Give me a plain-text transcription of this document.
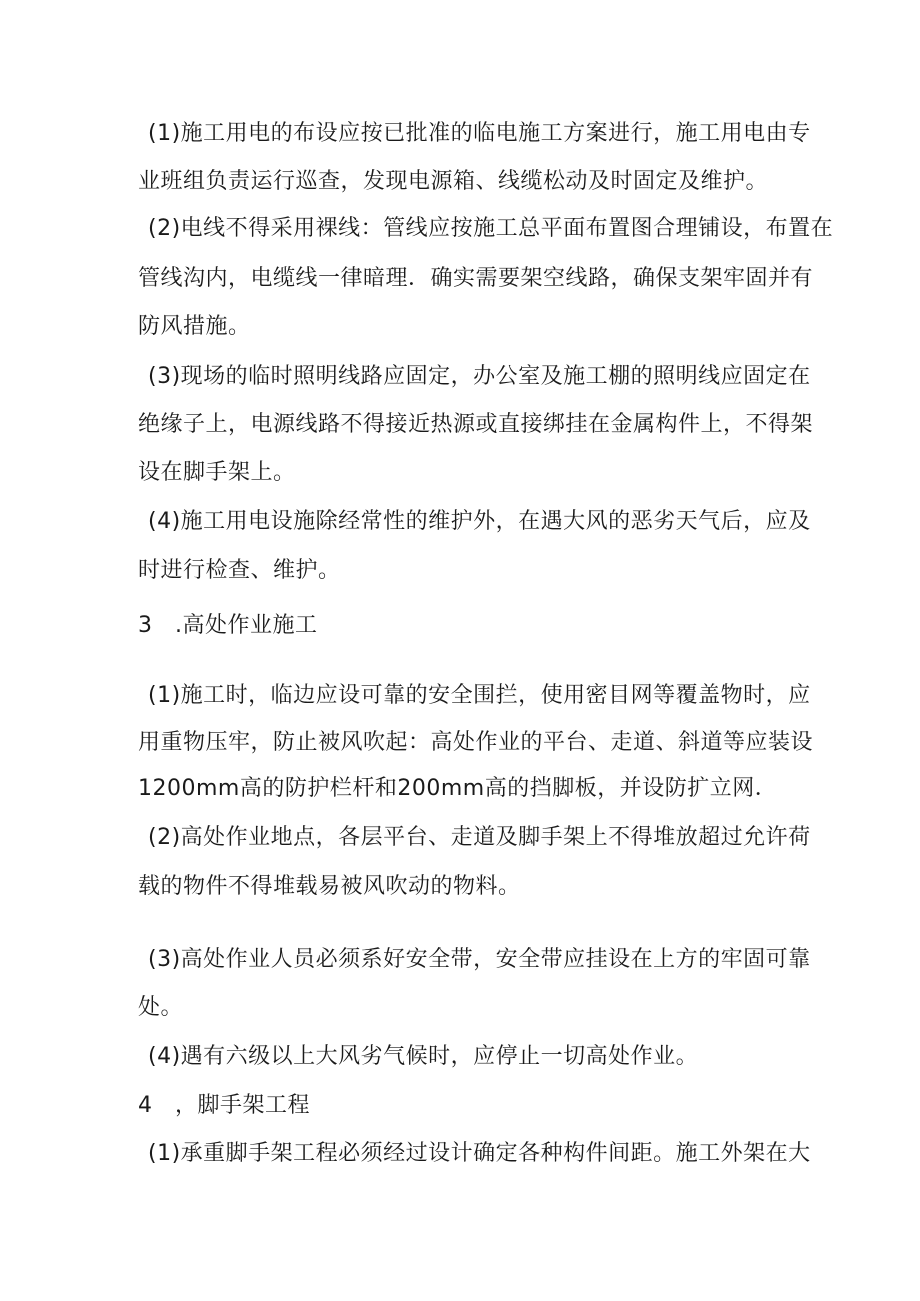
(1)施工用电的布设应按已批准的临电施工方案进行，施工用电由专
业班组负责运行巡查，发现电源箱、线缆松动及时固定及维护。
(2)电线不得采用裸线：管线应按施工总平面布置图合理铺设，布置在
管线沟内，电缆线一律暗理．确实需要架空线路，确保支架牢固并有
防风措施。
(3)现场的临时照明线路应固定，办公室及施工棚的照明线应固定在
绝缘子上，电源线路不得接近热源或直接绑挂在金属构件上，不得架
设在脚手架上。
(4)施工用电设施除经常性的维护外，在遇大风的恶劣天气后，应及
时进行检查、维护。
3　.高处作业施工
(1)施工时，临边应设可靠的安全围拦，使用密目网等覆盖物时，应
用重物压牢，防止被风吹起：高处作业的平台、走道、斜道等应装设
1200mm高的防护栏杆和200mm高的挡脚板，并设防扩立网．
(2)高处作业地点，各层平台、走道及脚手架上不得堆放超过允许荷
载的物件不得堆载易被风吹动的物料。
(3)高处作业人员必须系好安全带，安全带应挂设在上方的牢固可靠
处。
(4)遇有六级以上大风劣气候时，应停止一切高处作业。
4　，脚手架工程
(1)承重脚手架工程必须经过设计确定各种构件间距。施工外架在大
